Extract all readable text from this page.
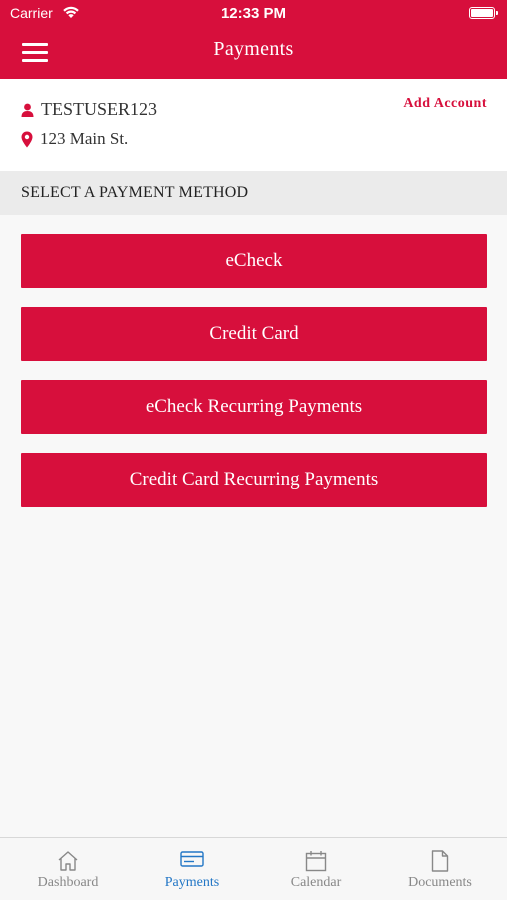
Carrier	12:33 PM
Payments
TESTUSER123
123 Main St.
Add Account
SELECT A PAYMENT METHOD
eCheck
Credit Card
eCheck Recurring Payments
Credit Card Recurring Payments
Dashboard	Payments	Calendar	Documents
